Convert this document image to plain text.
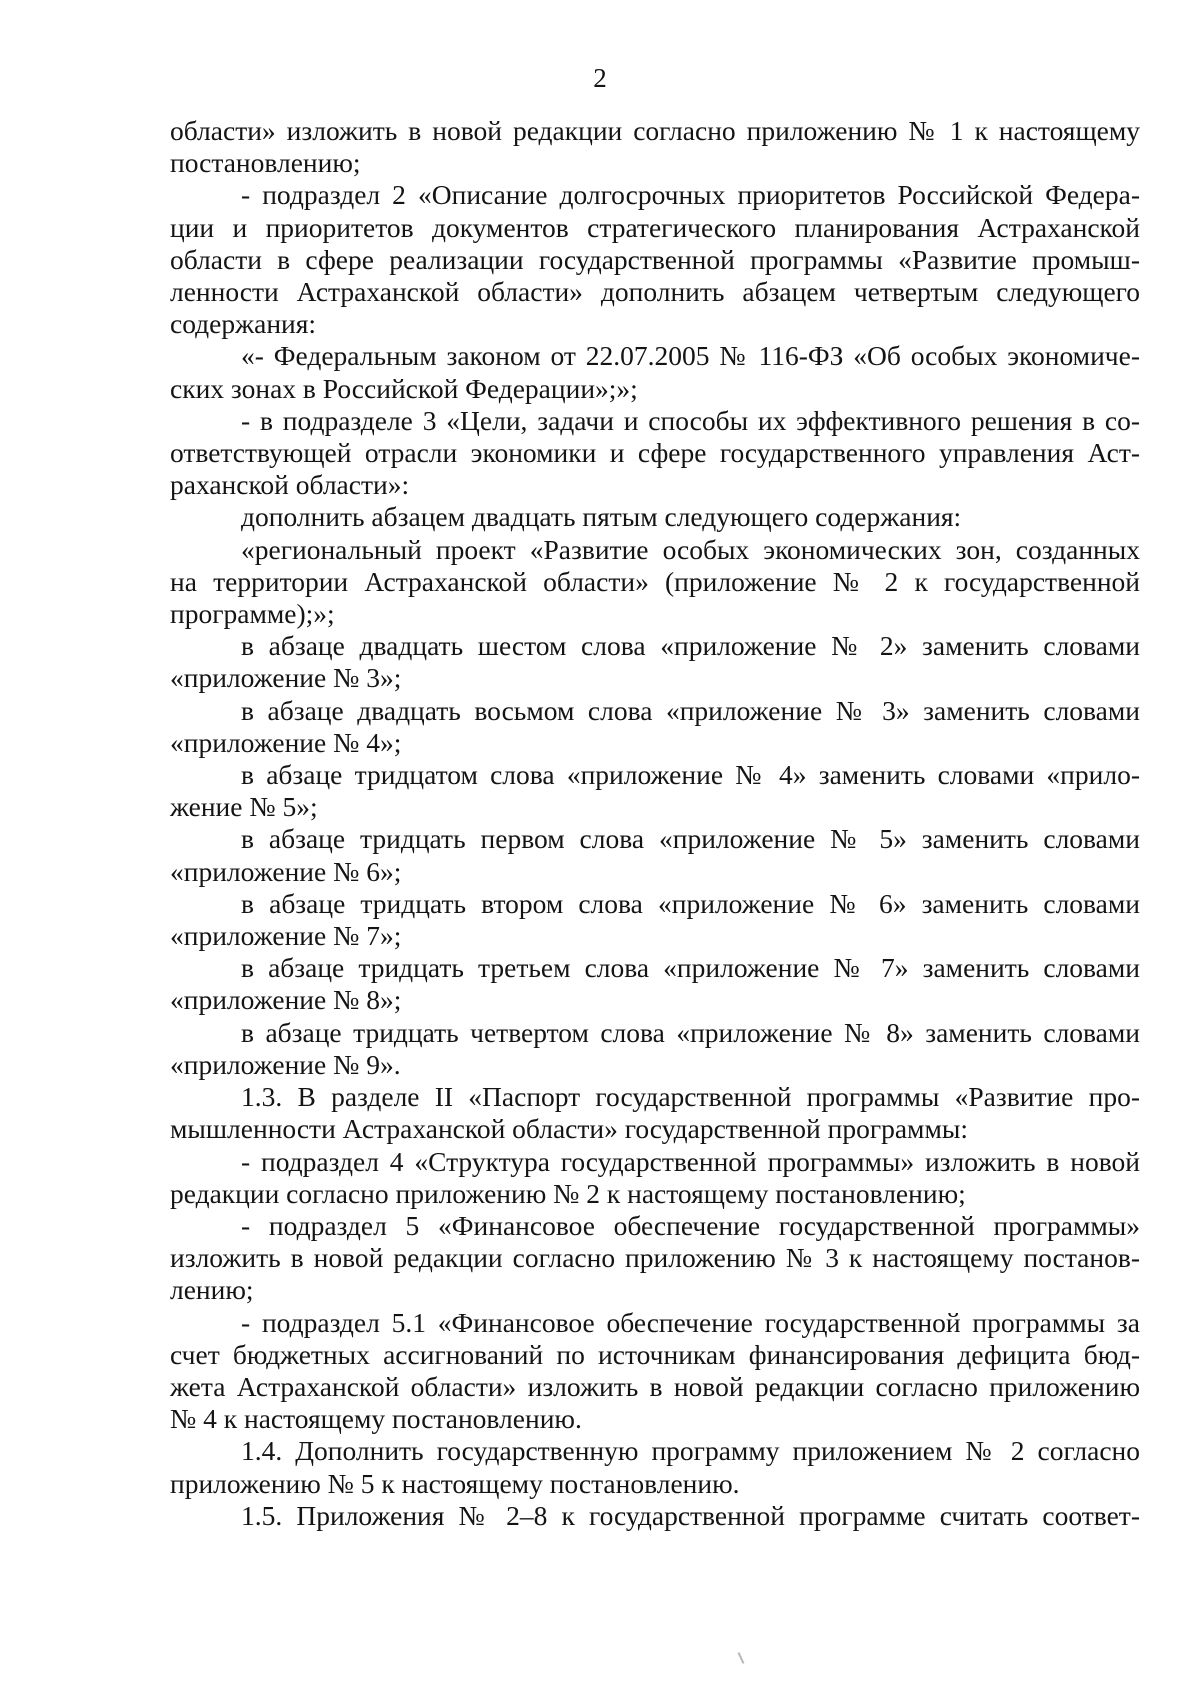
2

области» изложить в новой редакции согласно приложению № 1 к настоящему
постановлению;

- подраздел 2 «Описание долгосрочных приоритетов Российской Федера-
ции и приоритетов документов стратегического планирования Астраханской
области в сфере реализации государственной программы «Развитие промыш-
ленности Астраханской области» дополнить абзацем четвертым следующего
содержания:

«- Федеральным законом от 22.07.2005 № 116-ФЗ «Об особых экономиче-
ских зонах в Российской Федерации»;»;

- в подразделе 3 «Цели, задачи и способы их эффективного решения в со-
ответствующей отрасли экономики и сфере государственного управления Аст-
раханской области»:

дополнить абзацем двадцать пятым следующего содержания:

«региональный проект «Развитие особых экономических зон, созданных
на территории Астраханской области» (приложение № 2 к государственной
программе);»;

в абзаце двадцать шестом слова «приложение № 2» заменить словами
«приложение № 3»;

в абзаце двадцать восьмом слова «приложение № 3» заменить словами
«приложение № 4»;

в абзаце тридцатом слова «приложение № 4» заменить словами «прило-
жение № 5»;

в абзаце тридцать первом слова «приложение № 5» заменить словами
«приложение № 6»;

в абзаце тридцать втором слова «приложение № 6» заменить словами
«приложение № 7»;

в абзаце тридцать третьем слова «приложение № 7» заменить словами
«приложение № 8»;

в абзаце тридцать четвертом слова «приложение № 8» заменить словами
«приложение № 9».

1.3. В разделе II «Паспорт государственной программы «Развитие про-
мышленности Астраханской области» государственной программы:

- подраздел 4 «Структура государственной программы» изложить в новой
редакции согласно приложению № 2 к настоящему постановлению;

- подраздел 5 «Финансовое обеспечение государственной программы»
изложить в новой редакции согласно приложению № 3 к настоящему постанов-
лению;

- подраздел 5.1 «Финансовое обеспечение государственной программы за
счет бюджетных ассигнований по источникам финансирования дефицита бюд-
жета Астраханской области» изложить в новой редакции согласно приложению
№ 4 к настоящему постановлению.

1.4. Дополнить государственную программу приложением № 2 согласно
приложению № 5 к настоящему постановлению.

1.5. Приложения № 2–8 к государственной программе считать соответ-
